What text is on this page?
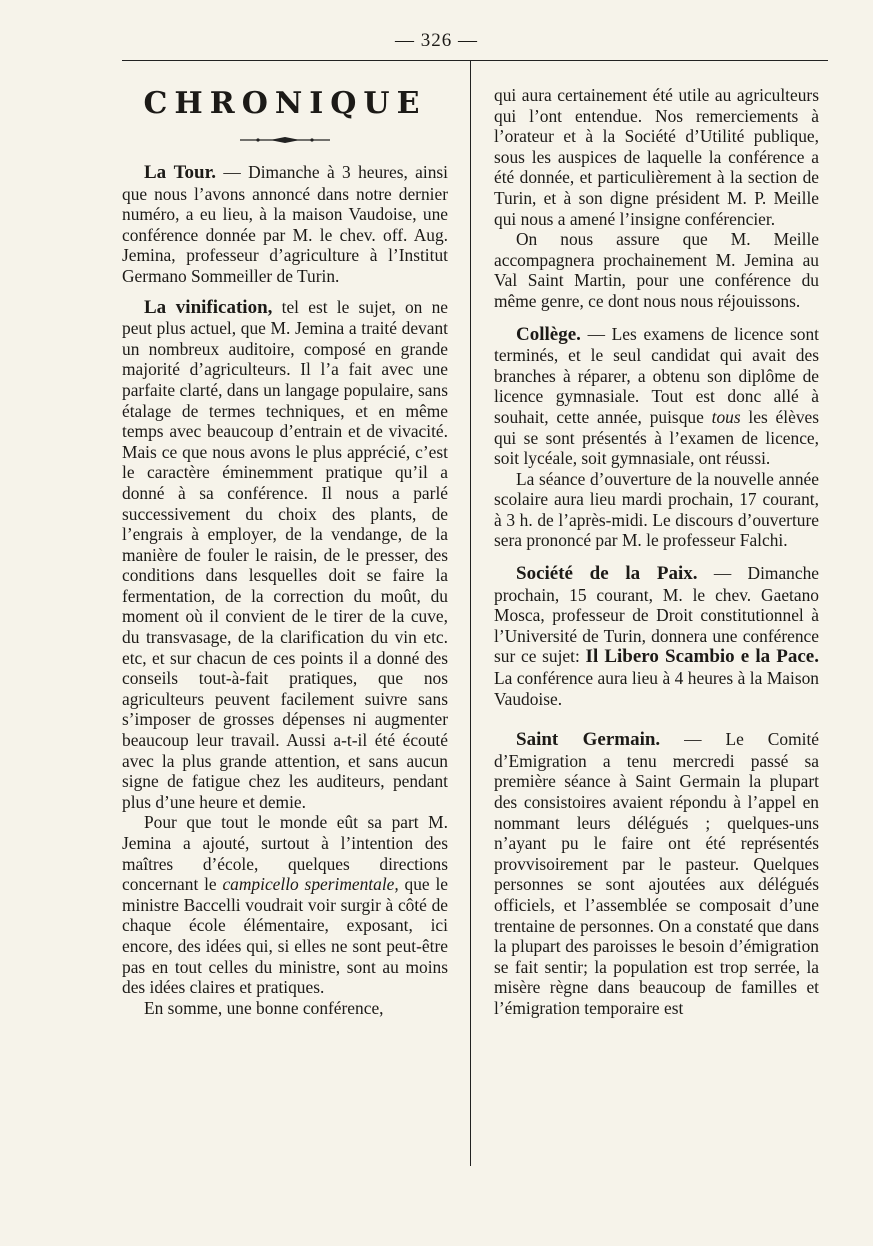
— 326 —
CHRONIQUE

La Tour. — Dimanche à 3 heures, ainsi que nous l’avons annoncé dans notre dernier numéro, a eu lieu, à la maison Vaudoise, une conférence donnée par M. le chev. off. Aug. Jemina, professeur d’agriculture à l’Institut Germano Sommeiller de Turin.

La vinification, tel est le sujet, on ne peut plus actuel, que M. Jemina a traité devant un nombreux auditoire, composé en grande majorité d’agriculteurs. Il l’a fait avec une parfaite clarté, dans un langage populaire, sans étalage de termes techniques, et en même temps avec beaucoup d’entrain et de vivacité. Mais ce que nous avons le plus apprécié, c’est le caractère éminemment pratique qu’il a donné à sa conférence. Il nous a parlé successivement du choix des plants, de l’engrais à employer, de la vendange, de la manière de fouler le raisin, de le presser, des conditions dans lesquelles doit se faire la fermentation, de la correction du moût, du moment où il convient de le tirer de la cuve, du transvasage, de la clarification du vin etc. etc, et sur chacun de ces points il a donné des conseils tout-à-fait pratiques, que nos agriculteurs peuvent facilement suivre sans s’imposer de grosses dépenses ni augmenter beaucoup leur travail. Aussi a-t-il été écouté avec la plus grande attention, et sans aucun signe de fatigue chez les auditeurs, pendant plus d’une heure et demie.

Pour que tout le monde eût sa part M. Jemina a ajouté, surtout à l’intention des maîtres d’école, quelques directions concernant le campicello sperimentale, que le ministre Baccelli voudrait voir surgir à côté de chaque école élémentaire, exposant, ici encore, des idées qui, si elles ne sont peut-être pas en tout celles du ministre, sont au moins des idées claires et pratiques.

En somme, une bonne conférence,

qui aura certainement été utile au agriculteurs qui l’ont entendue. Nos remerciements à l’orateur et à la Société d’Utilité publique, sous les auspices de laquelle la conférence a été donnée, et particulièrement à la section de Turin, et à son digne président M. P. Meille qui nous a amené l’insigne conférencier.

On nous assure que M. Meille accompagnera prochainement M. Jemina au Val Saint Martin, pour une conférence du même genre, ce dont nous nous réjouissons.

Collège. — Les examens de licence sont terminés, et le seul candidat qui avait des branches à réparer, a obtenu son diplôme de licence gymnasiale. Tout est donc allé à souhait, cette année, puisque tous les élèves qui se sont présentés à l’examen de licence, soit lycéale, soit gymnasiale, ont réussi.

La séance d’ouverture de la nouvelle année scolaire aura lieu mardi prochain, 17 courant, à 3 h. de l’après-midi. Le discours d’ouverture sera prononcé par M. le professeur Falchi.

Société de la Paix. — Dimanche prochain, 15 courant, M. le chev. Gaetano Mosca, professeur de Droit constitutionnel à l’Université de Turin, donnera une conférence sur ce sujet: Il Libero Scambio e la Pace. La conférence aura lieu à 4 heures à la Maison Vaudoise.

Saint Germain. — Le Comité d’Emigration a tenu mercredi passé sa première séance à Saint Germain la plupart des consistoires avaient répondu à l’appel en nommant leurs délégués ; quelques-uns n’ayant pu le faire ont été représentés provvisoirement par le pasteur. Quelques personnes se sont ajoutées aux délégués officiels, et l’assemblée se composait d’une trentaine de personnes. On a constaté que dans la plupart des paroisses le besoin d’émigration se fait sentir; la population est trop serrée, la misère règne dans beaucoup de familles et l’émigration temporaire est
